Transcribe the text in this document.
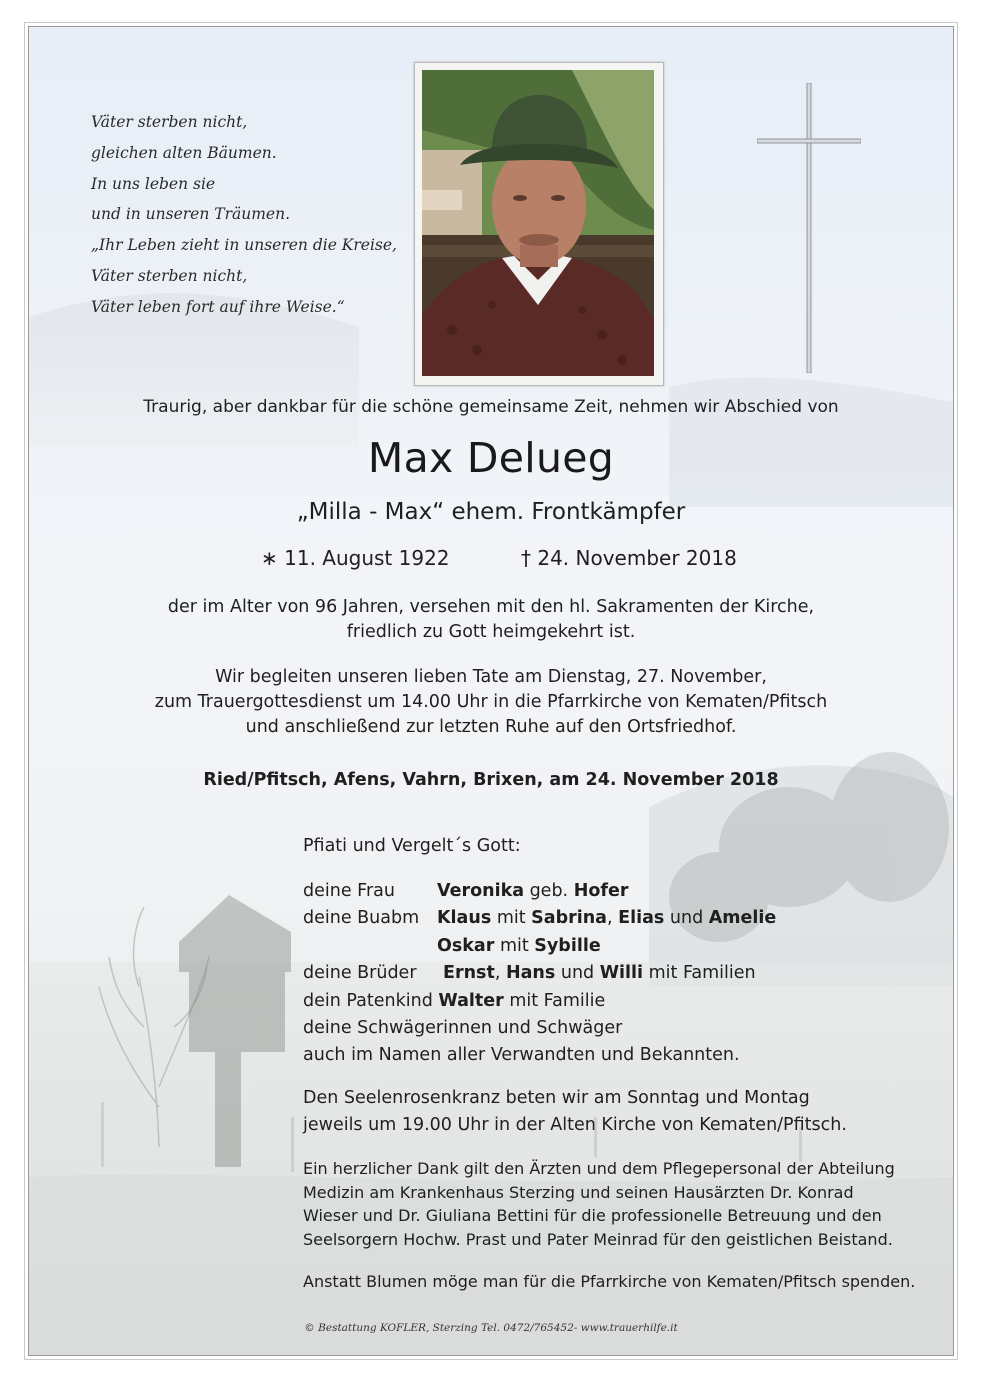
Väter sterben nicht,
gleichen alten Bäumen.
In uns leben sie
und in unseren Träumen.
„Ihr Leben zieht in unseren die Kreise,
Väter sterben nicht,
Väter leben fort auf ihre Weise.“
Traurig, aber dankbar für die schöne gemeinsame Zeit, nehmen wir Abschied von
Max Delueg
„Milla - Max“ ehem. Frontkämpfer
∗ 11. August 1922	† 24. November 2018
der im Alter von 96 Jahren, versehen mit den hl. Sakramenten der Kirche,
friedlich zu Gott heimgekehrt ist.
Wir begleiten unseren lieben Tate am Dienstag, 27. November,
zum Trauergottesdienst um 14.00 Uhr in die Pfarrkirche von Kematen/Pfitsch
und anschließend zur letzten Ruhe auf den Ortsfriedhof.
Ried/Pfitsch, Afens, Vahrn, Brixen, am 24. November 2018
Pfiati und Vergelt´s Gott:
deine Frau Veronika geb. Hofer
deine Buabm Klaus mit Sabrina, Elias und Amelie
Oskar mit Sybille
deine Brüder Ernst, Hans und Willi mit Familien
dein Patenkind Walter mit Familie
deine Schwägerinnen und Schwäger
auch im Namen aller Verwandten und Bekannten.
Den Seelenrosenkranz beten wir am Sonntag und Montag
jeweils um 19.00 Uhr in der Alten Kirche von Kematen/Pfitsch.
Ein herzlicher Dank gilt den Ärzten und dem Pflegepersonal der Abteilung
Medizin am Krankenhaus Sterzing und seinen Hausärzten Dr. Konrad
Wieser und Dr. Giuliana Bettini für die professionelle Betreuung und den
Seelsorgern Hochw. Prast und Pater Meinrad für den geistlichen Beistand.
Anstatt Blumen möge man für die Pfarrkirche von Kematen/Pfitsch spenden.
© Bestattung KOFLER, Sterzing Tel. 0472/765452- www.trauerhilfe.it
